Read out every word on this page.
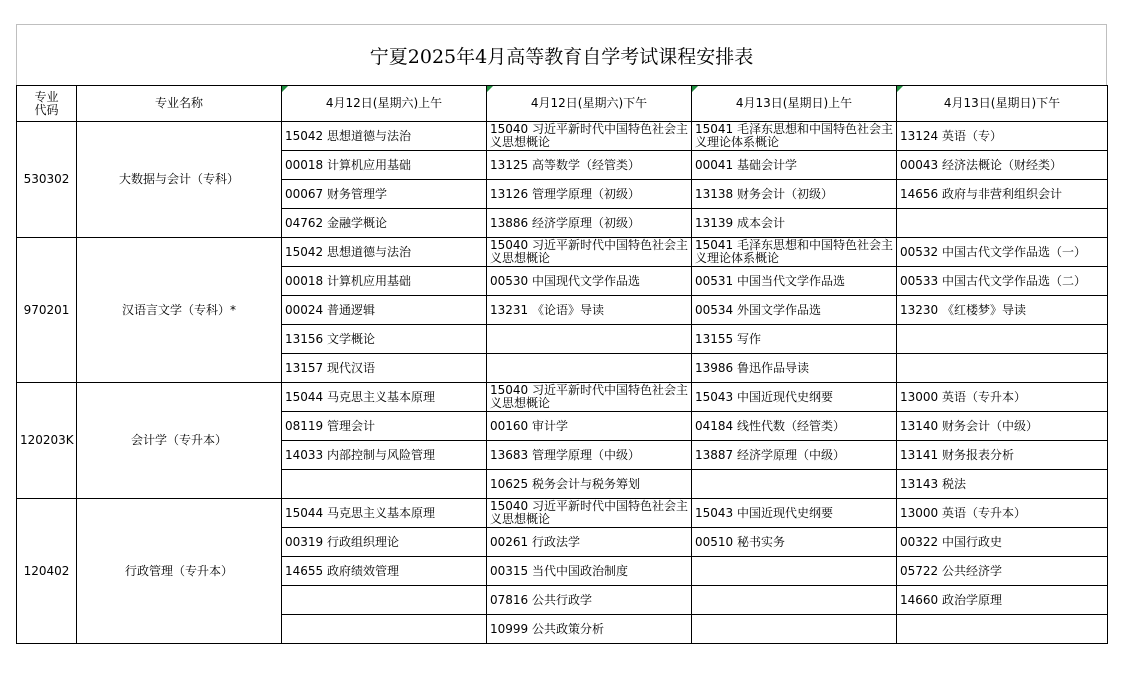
宁夏2025年4月高等教育自学考试课程安排表
专业
代码	专业名称	4月12日(星期六)上午	4月12日(星期六)下午	4月13日(星期日)上午	4月13日(星期日)下午
530302	大数据与会计（专科）	15042 思想道德与法治	15040 习近平新时代中国特色社会主义思想概论	15041 毛泽东思想和中国特色社会主义理论体系概论	13124 英语（专）
		00018 计算机应用基础	13125 高等数学（经管类）	00041 基础会计学	00043 经济法概论（财经类）
		00067 财务管理学	13126 管理学原理（初级）	13138 财务会计（初级）	14656 政府与非营利组织会计
		04762 金融学概论	13886 经济学原理（初级）	13139 成本会计	
970201	汉语言文学（专科）*	15042 思想道德与法治	15040 习近平新时代中国特色社会主义思想概论	15041 毛泽东思想和中国特色社会主义理论体系概论	00532 中国古代文学作品选（一）
		00018 计算机应用基础	00530 中国现代文学作品选	00531 中国当代文学作品选	00533 中国古代文学作品选（二）
		00024 普通逻辑	13231 《论语》导读	00534 外国文学作品选	13230 《红楼梦》导读
		13156 文学概论		13155 写作	
		13157 现代汉语		13986 鲁迅作品导读	
120203K	会计学（专升本）	15044 马克思主义基本原理	15040 习近平新时代中国特色社会主义思想概论	15043 中国近现代史纲要	13000 英语（专升本）
		08119 管理会计	00160 审计学	04184 线性代数（经管类）	13140 财务会计（中级）
		14033 内部控制与风险管理	13683 管理学原理（中级）	13887 经济学原理（中级）	13141 财务报表分析
			10625 税务会计与税务筹划		13143 税法
120402	行政管理（专升本）	15044 马克思主义基本原理	15040 习近平新时代中国特色社会主义思想概论	15043 中国近现代史纲要	13000 英语（专升本）
		00319 行政组织理论	00261 行政法学	00510 秘书实务	00322 中国行政史
		14655 政府绩效管理	00315 当代中国政治制度		05722 公共经济学
			07816 公共行政学		14660 政治学原理
			10999 公共政策分析		
